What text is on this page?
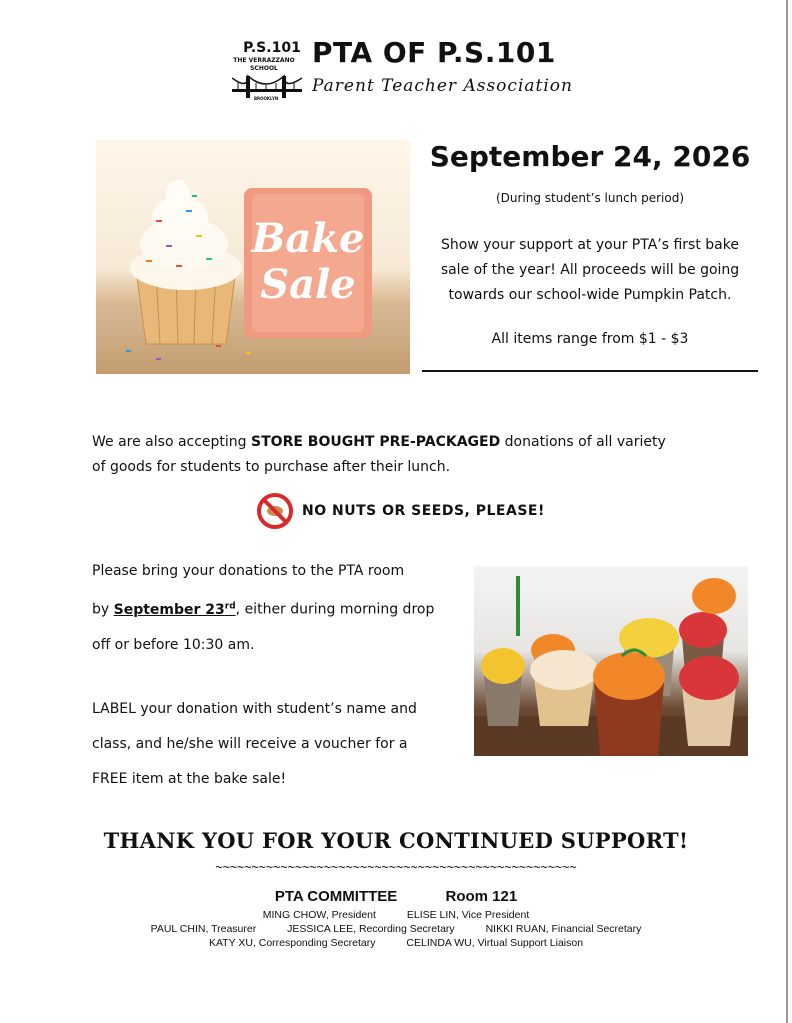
P.S.101
THE VERRAZZANO SCHOOL
BROOKLYN
PTA OF P.S.101
Parent Teacher Association
Bake
Sale
September 24, 2026
(During student’s lunch period)
Show your support at your PTA’s first bake
sale of the year! All proceeds will be going
towards our school-wide Pumpkin Patch.
All items range from $1 - $3
We are also accepting STORE BOUGHT PRE-PACKAGED donations of all variety
of goods for students to purchase after their lunch.
NO NUTS OR SEEDS, PLEASE!
Please bring your donations to the PTA room
by September 23rd, either during morning drop
off or before 10:30 am.
LABEL your donation with student’s name and
class, and he/she will receive a voucher for a
FREE item at the bake sale!
THANK YOU FOR YOUR CONTINUED SUPPORT!
~~~~~~~~~~~~~~~~~~~~~~~~~~~~~~~~~~~~~~~~~~~~~~~~~~
PTA COMMITTEE	Room 121
MING CHOW, President	ELISE LIN, Vice President
PAUL CHIN, Treasurer	JESSICA LEE, Recording Secretary	NIKKI RUAN, Financial Secretary
KATY XU, Corresponding Secretary	CELINDA WU, Virtual Support Liaison
